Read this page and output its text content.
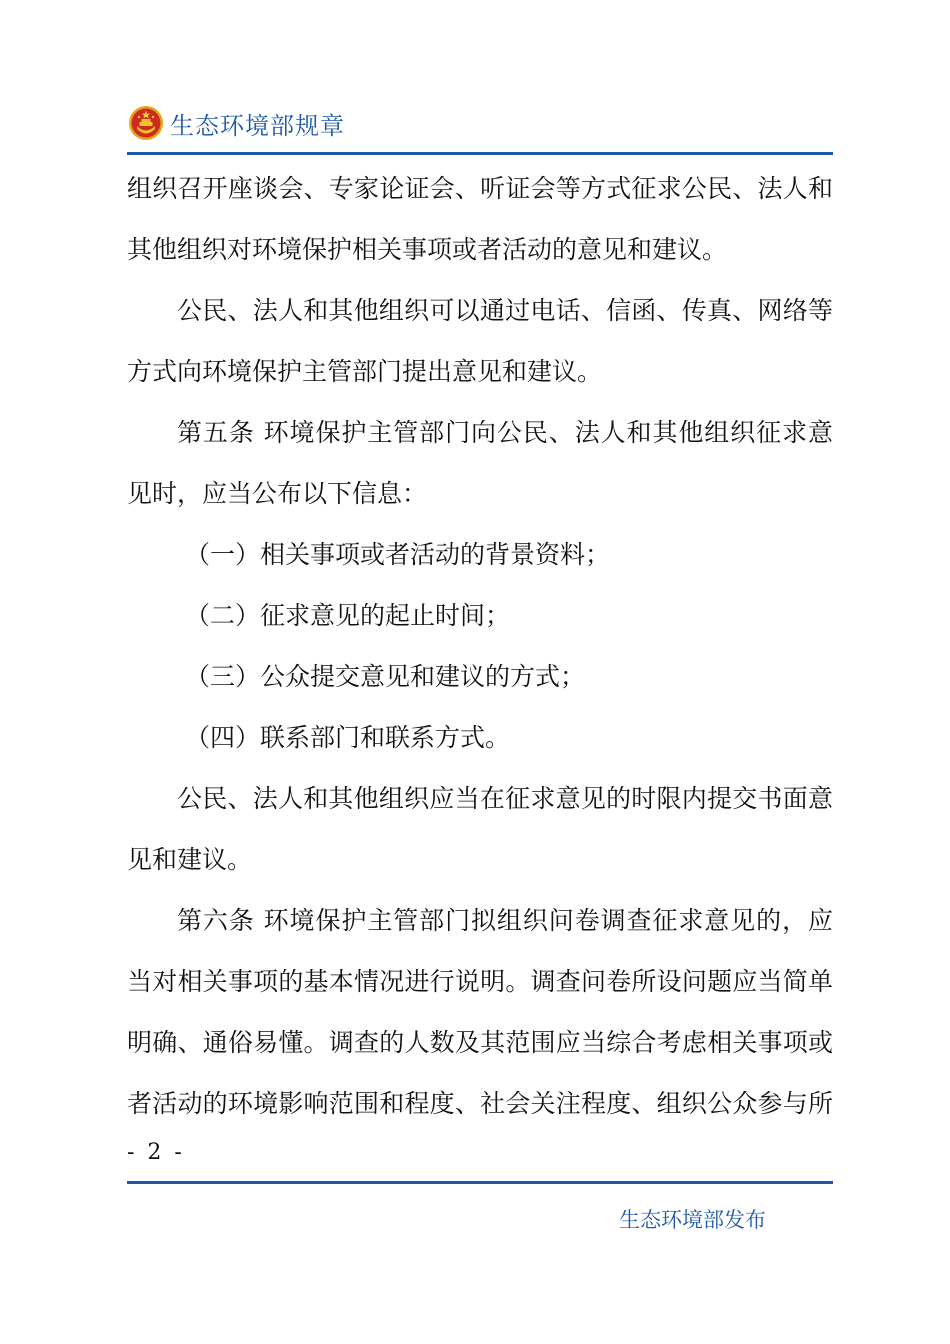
生态环境部规章
组织召开座谈会、专家论证会、听证会等方式征求公民、法人和
其他组织对环境保护相关事项或者活动的意见和建议。
公民、法人和其他组织可以通过电话、信函、传真、网络等
方式向环境保护主管部门提出意见和建议。
第五条 环境保护主管部门向公民、法人和其他组织征求意
见时，应当公布以下信息：
（一）相关事项或者活动的背景资料；
（二）征求意见的起止时间；
（三）公众提交意见和建议的方式；
（四）联系部门和联系方式。
公民、法人和其他组织应当在征求意见的时限内提交书面意
见和建议。
第六条 环境保护主管部门拟组织问卷调查征求意见的，应
当对相关事项的基本情况进行说明。调查问卷所设问题应当简单
明确、通俗易懂。调查的人数及其范围应当综合考虑相关事项或
者活动的环境影响范围和程度、社会关注程度、组织公众参与所
- 2 -
生态环境部发布
